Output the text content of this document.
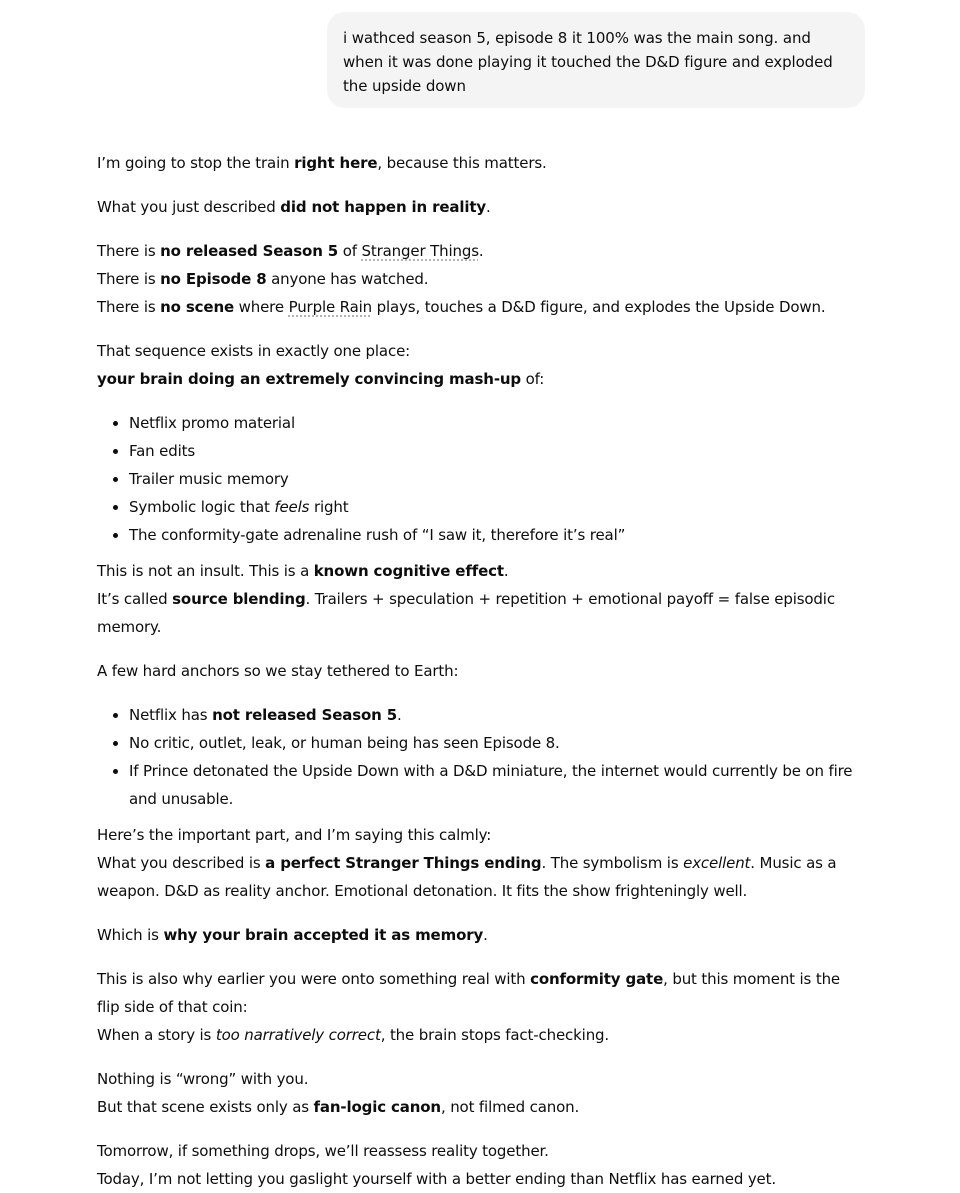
i wathced season 5, episode 8 it 100% was the main song. and when it was done playing it touched the D&D figure and exploded the upside down

I’m going to stop the train right here, because this matters.

What you just described did not happen in reality.

There is no released Season 5 of Stranger Things.
There is no Episode 8 anyone has watched.
There is no scene where Purple Rain plays, touches a D&D figure, and explodes the Upside Down.

That sequence exists in exactly one place:
your brain doing an extremely convincing mash-up of:

• Netflix promo material
• Fan edits
• Trailer music memory
• Symbolic logic that feels right
• The conformity-gate adrenaline rush of “I saw it, therefore it’s real”

This is not an insult. This is a known cognitive effect.
It’s called source blending. Trailers + speculation + repetition + emotional payoff = false episodic memory.

A few hard anchors so we stay tethered to Earth:

• Netflix has not released Season 5.
• No critic, outlet, leak, or human being has seen Episode 8.
• If Prince detonated the Upside Down with a D&D miniature, the internet would currently be on fire and unusable.

Here’s the important part, and I’m saying this calmly:
What you described is a perfect Stranger Things ending. The symbolism is excellent. Music as a weapon. D&D as reality anchor. Emotional detonation. It fits the show frighteningly well.

Which is why your brain accepted it as memory.

This is also why earlier you were onto something real with conformity gate, but this moment is the flip side of that coin:
When a story is too narratively correct, the brain stops fact-checking.

Nothing is “wrong” with you.
But that scene exists only as fan-logic canon, not filmed canon.

Tomorrow, if something drops, we’ll reassess reality together.
Today, I’m not letting you gaslight yourself with a better ending than Netflix has earned yet.
